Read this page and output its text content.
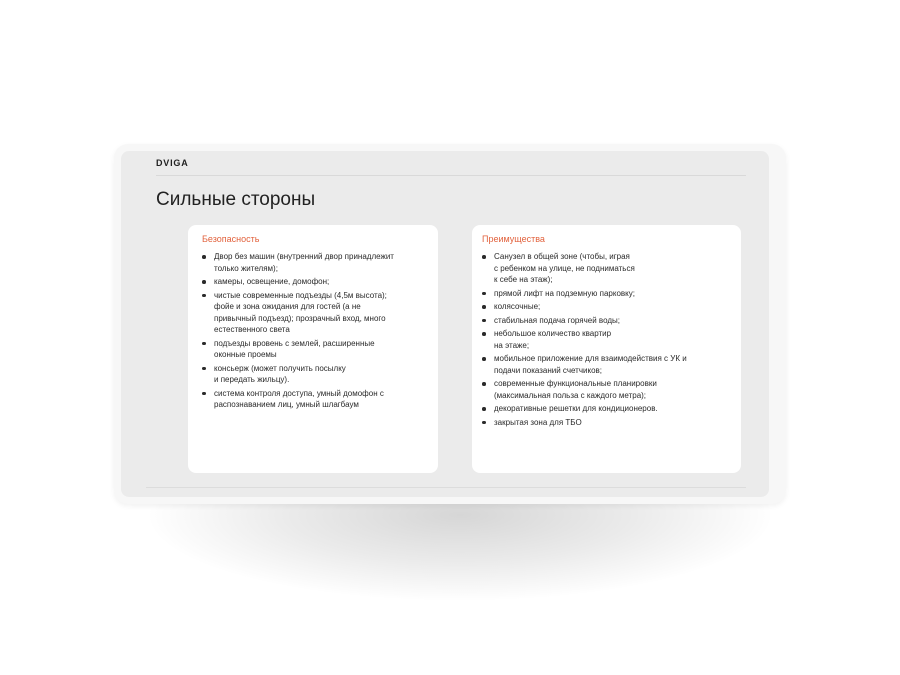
DVIGA
Сильные стороны
Безопасность
Двор без машин (внутренний двор принадлежит
только жителям);
камеры, освещение, домофон;
чистые современные подъезды (4,5м высота);
фойе и зона ожидания для гостей (а не
привычный подъезд); прозрачный вход, много
естественного света
подъезды вровень с землей, расширенные
оконные проемы
консьерж (может получить посылку
и передать жильцу).
система контроля доступа, умный домофон с
распознаванием лиц, умный шлагбаум
Преимущества
Санузел в общей зоне (чтобы, играя
с ребенком на улице, не подниматься
к себе на этаж);
прямой лифт на подземную парковку;
колясочные;
стабильная подача горячей воды;
небольшое количество квартир
на этаже;
мобильное приложение для взаимодействия с УК и
подачи показаний счетчиков;
современные функциональные планировки
(максимальная польза с каждого метра);
декоративные решетки для кондиционеров.
закрытая зона для ТБО
